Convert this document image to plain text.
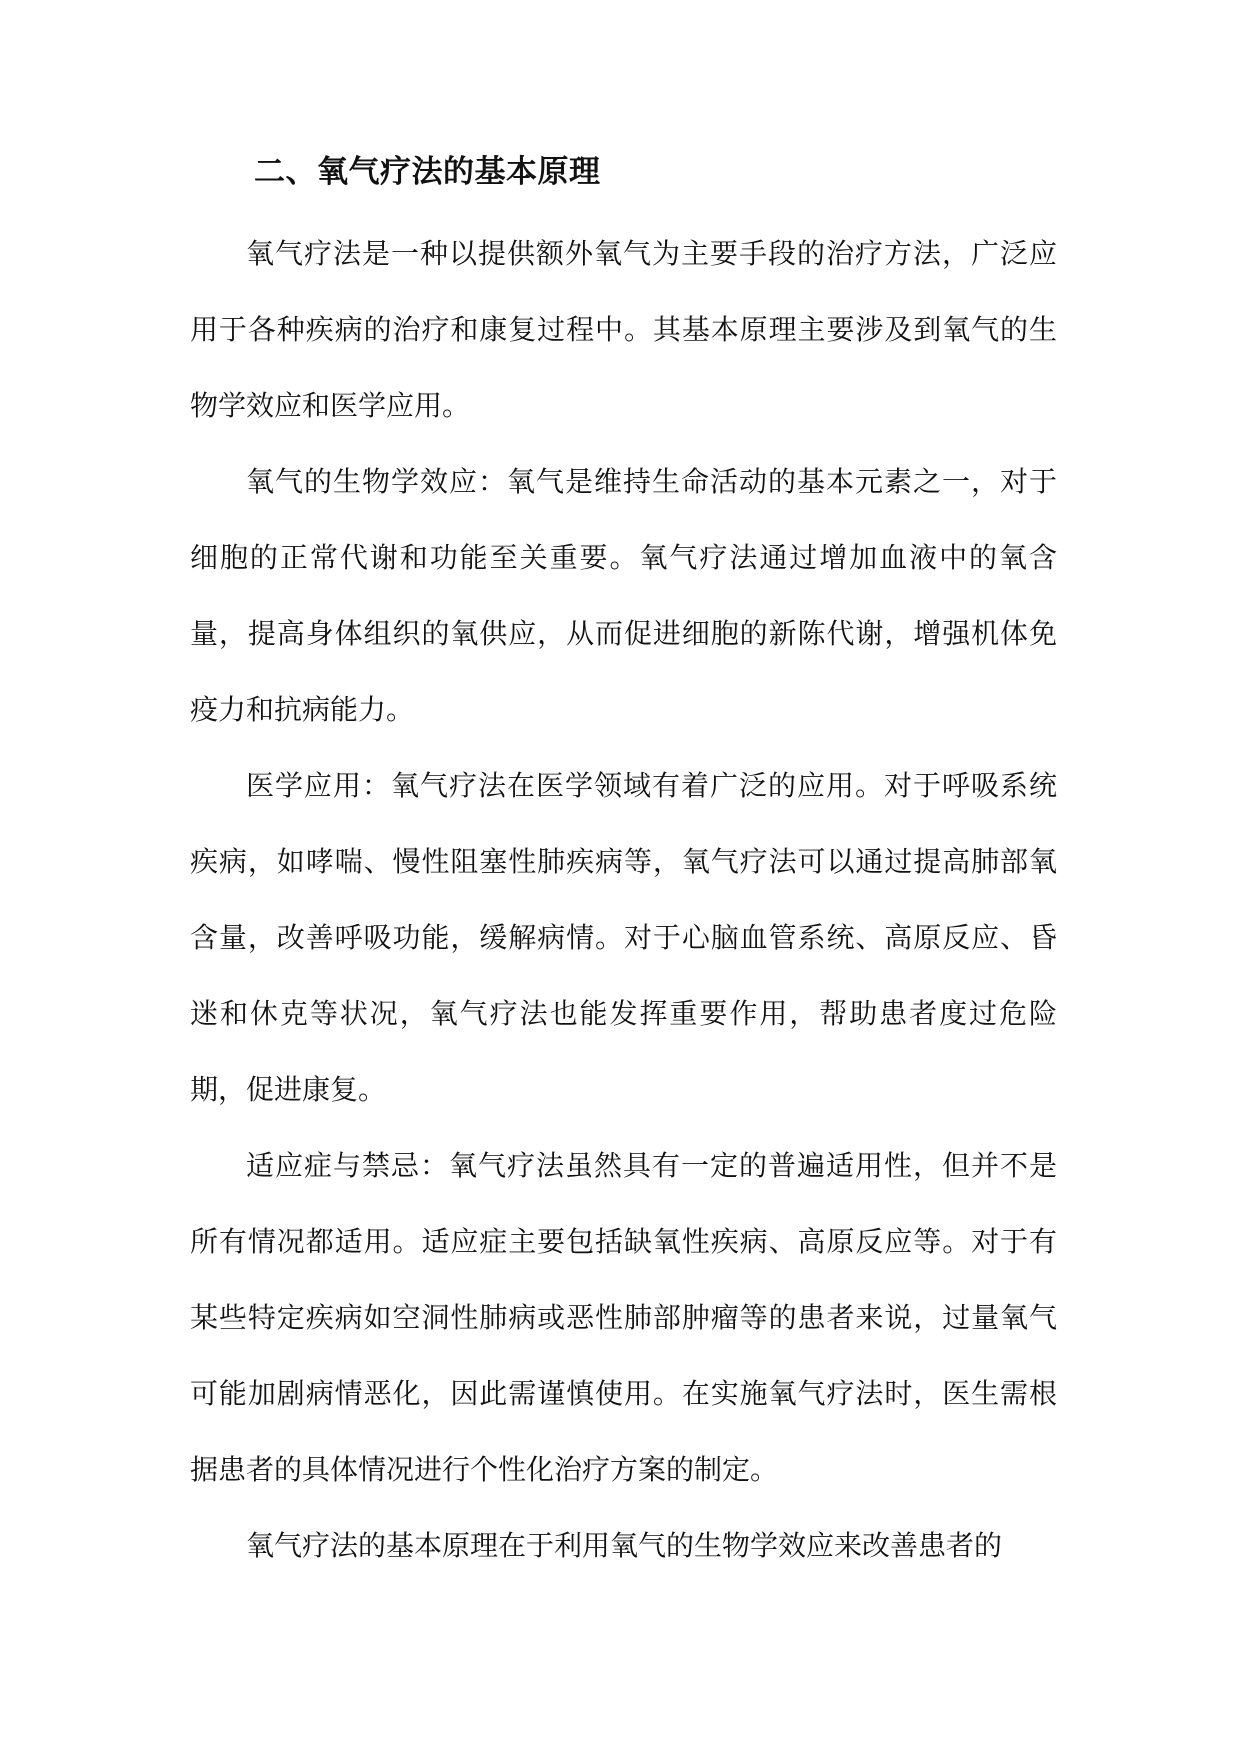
二、氧气疗法的基本原理

氧气疗法是一种以提供额外氧气为主要手段的治疗方法，广泛应用于各种疾病的治疗和康复过程中。其基本原理主要涉及到氧气的生物学效应和医学应用。

氧气的生物学效应：氧气是维持生命活动的基本元素之一，对于细胞的正常代谢和功能至关重要。氧气疗法通过增加血液中的氧含量，提高身体组织的氧供应，从而促进细胞的新陈代谢，增强机体免疫力和抗病能力。

医学应用：氧气疗法在医学领域有着广泛的应用。对于呼吸系统疾病，如哮喘、慢性阻塞性肺疾病等，氧气疗法可以通过提高肺部氧含量，改善呼吸功能，缓解病情。对于心脑血管系统、高原反应、昏迷和休克等状况，氧气疗法也能发挥重要作用，帮助患者度过危险期，促进康复。

适应症与禁忌：氧气疗法虽然具有一定的普遍适用性，但并不是所有情况都适用。适应症主要包括缺氧性疾病、高原反应等。对于有某些特定疾病如空洞性肺病或恶性肺部肿瘤等的患者来说，过量氧气可能加剧病情恶化，因此需谨慎使用。在实施氧气疗法时，医生需根据患者的具体情况进行个性化治疗方案的制定。

氧气疗法的基本原理在于利用氧气的生物学效应来改善患者的
